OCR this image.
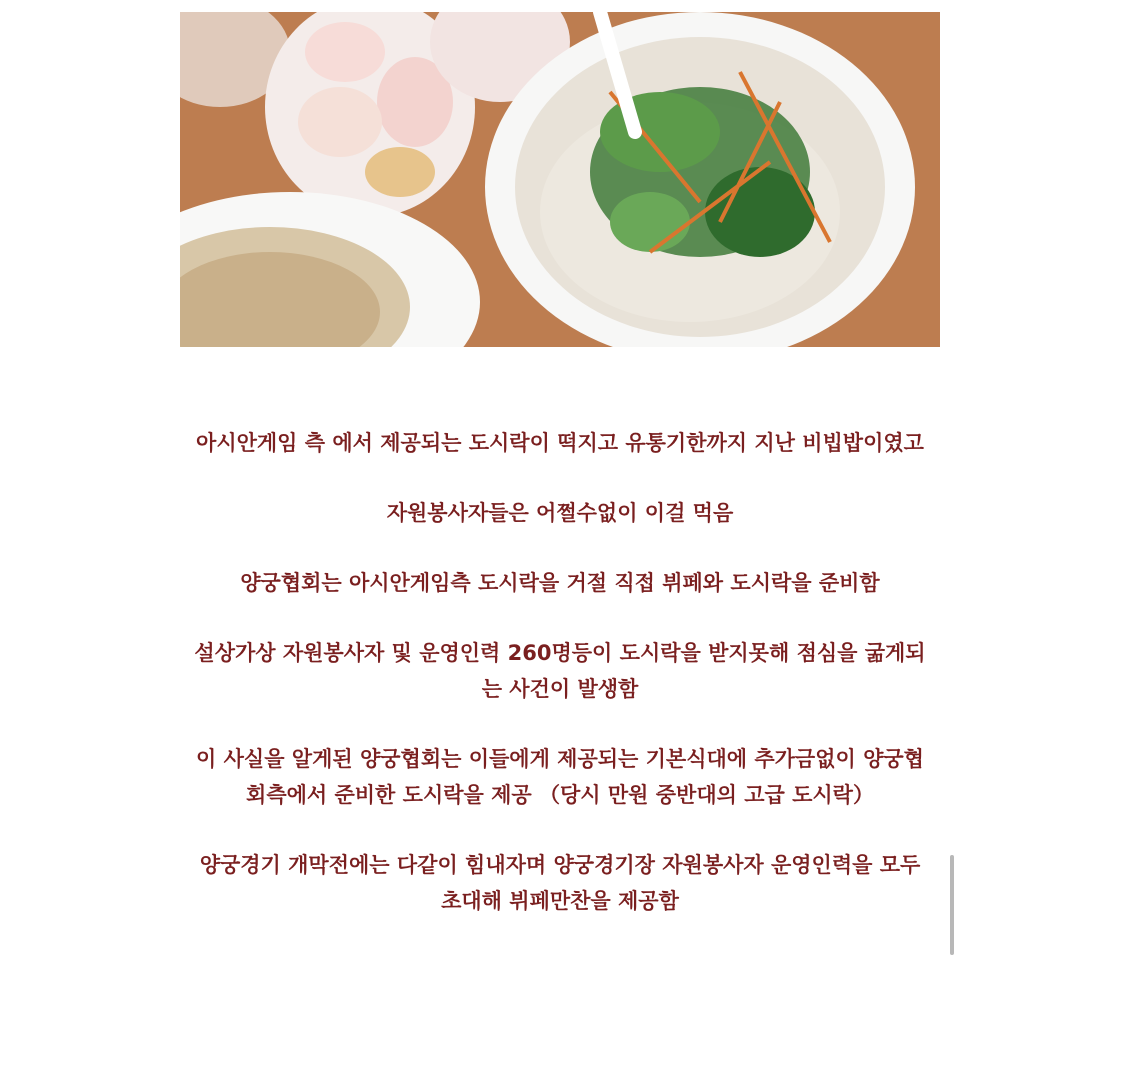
아시안게임 측 에서 제공되는 도시락이 떡지고 유통기한까지 지난 비빕밥이였고

자원봉사자들은 어쩔수없이 이걸 먹음

양궁협회는 아시안게임측 도시락을 거절 직접 뷔페와 도시락을 준비함

설상가상 자원봉사자 및 운영인력 260명등이 도시락을 받지못해 점심을 굶게되는 사건이 발생함

이 사실을 알게된 양궁협회는 이들에게 제공되는 기본식대에 추가금없이 양궁협회측에서 준비한 도시락을 제공 （당시 만원 중반대의 고급 도시락）

양궁경기 개막전에는 다같이 힘내자며 양궁경기장 자원봉사자 운영인력을 모두 초대해 뷔페만찬을 제공함
